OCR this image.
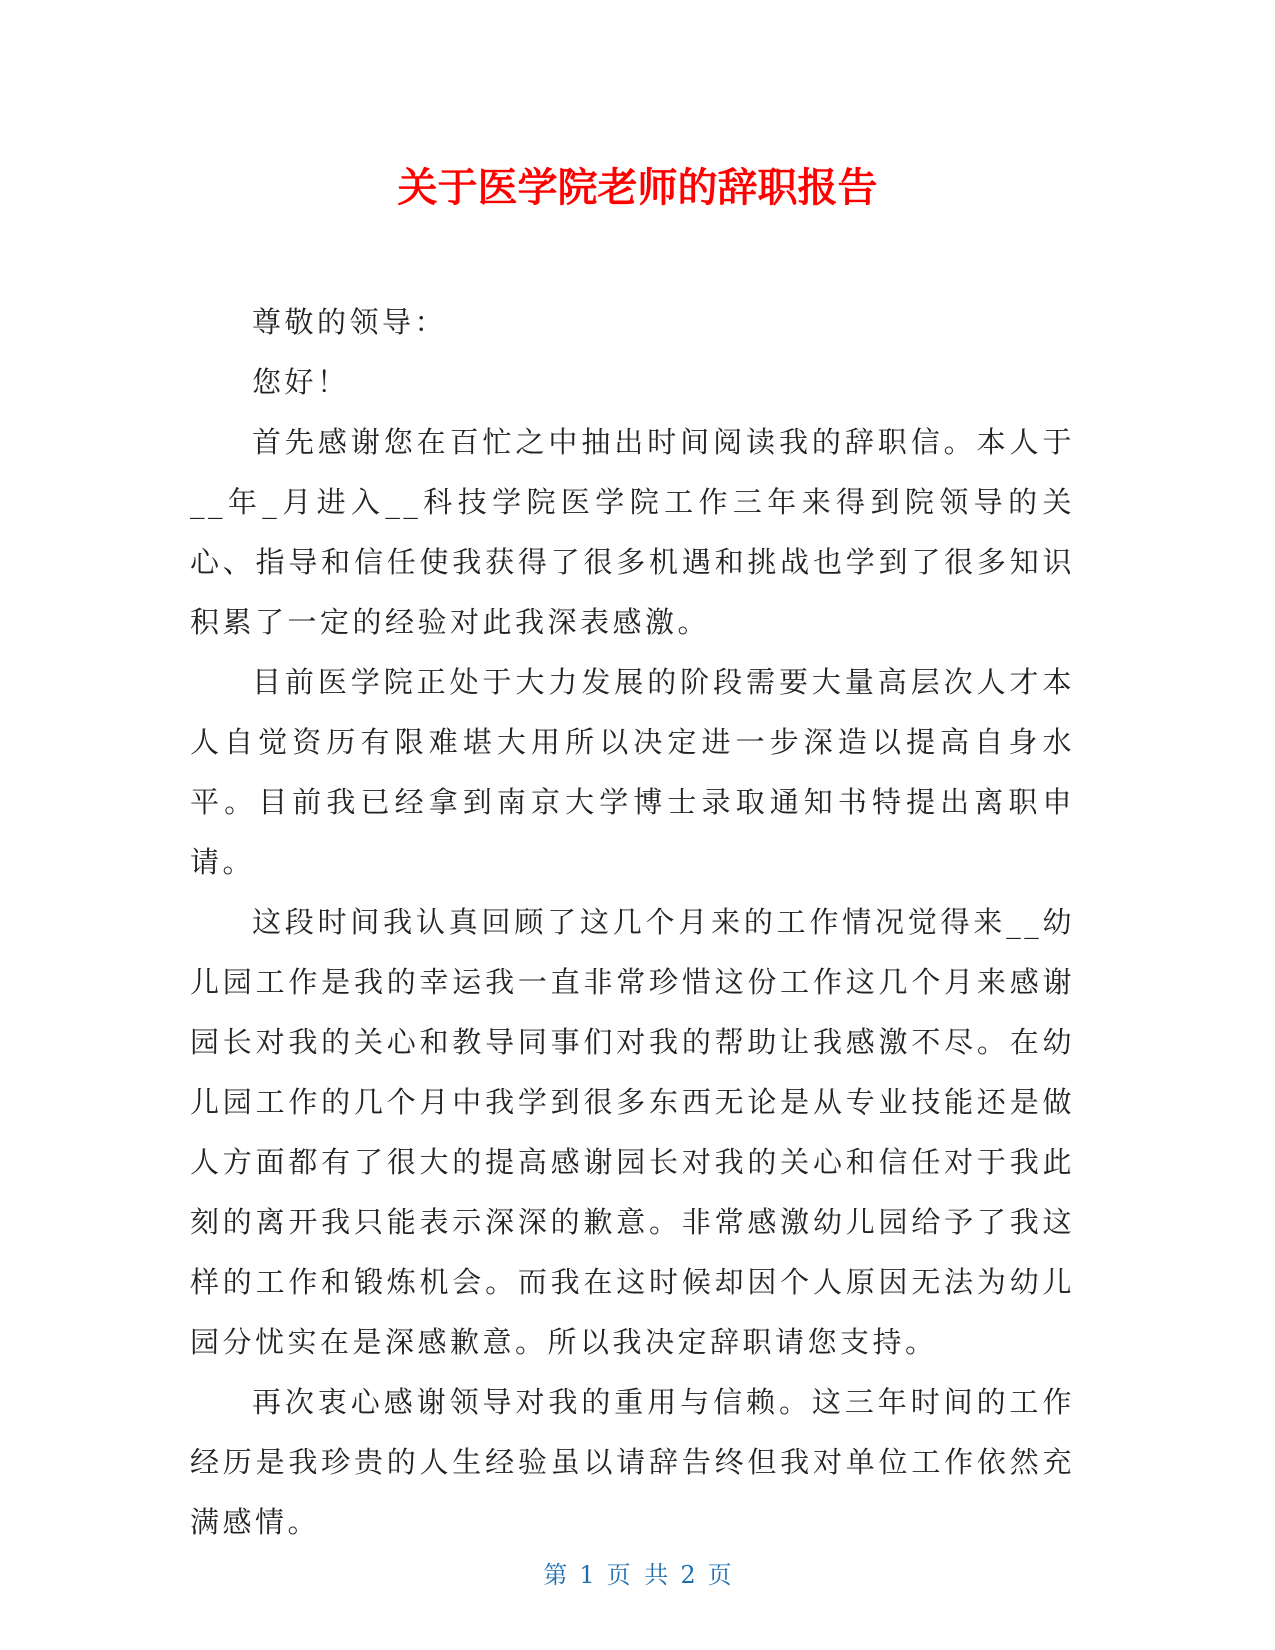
关于医学院老师的辞职报告

尊敬的领导：

您好！

首先感谢您在百忙之中抽出时间阅读我的辞职信。本人于__年_月进入__科技学院医学院工作三年来得到院领导的关心、指导和信任使我获得了很多机遇和挑战也学到了很多知识积累了一定的经验对此我深表感激。

目前医学院正处于大力发展的阶段需要大量高层次人才本人自觉资历有限难堪大用所以决定进一步深造以提高自身水平。目前我已经拿到南京大学博士录取通知书特提出离职申请。

这段时间我认真回顾了这几个月来的工作情况觉得来__幼儿园工作是我的幸运我一直非常珍惜这份工作这几个月来感谢园长对我的关心和教导同事们对我的帮助让我感激不尽。在幼儿园工作的几个月中我学到很多东西无论是从专业技能还是做人方面都有了很大的提高感谢园长对我的关心和信任对于我此刻的离开我只能表示深深的歉意。非常感激幼儿园给予了我这样的工作和锻炼机会。而我在这时候却因个人原因无法为幼儿园分忧实在是深感歉意。所以我决定辞职请您支持。

再次衷心感谢领导对我的重用与信赖。这三年时间的工作经历是我珍贵的人生经验虽以请辞告终但我对单位工作依然充满感情。

第 1 页 共 2 页
